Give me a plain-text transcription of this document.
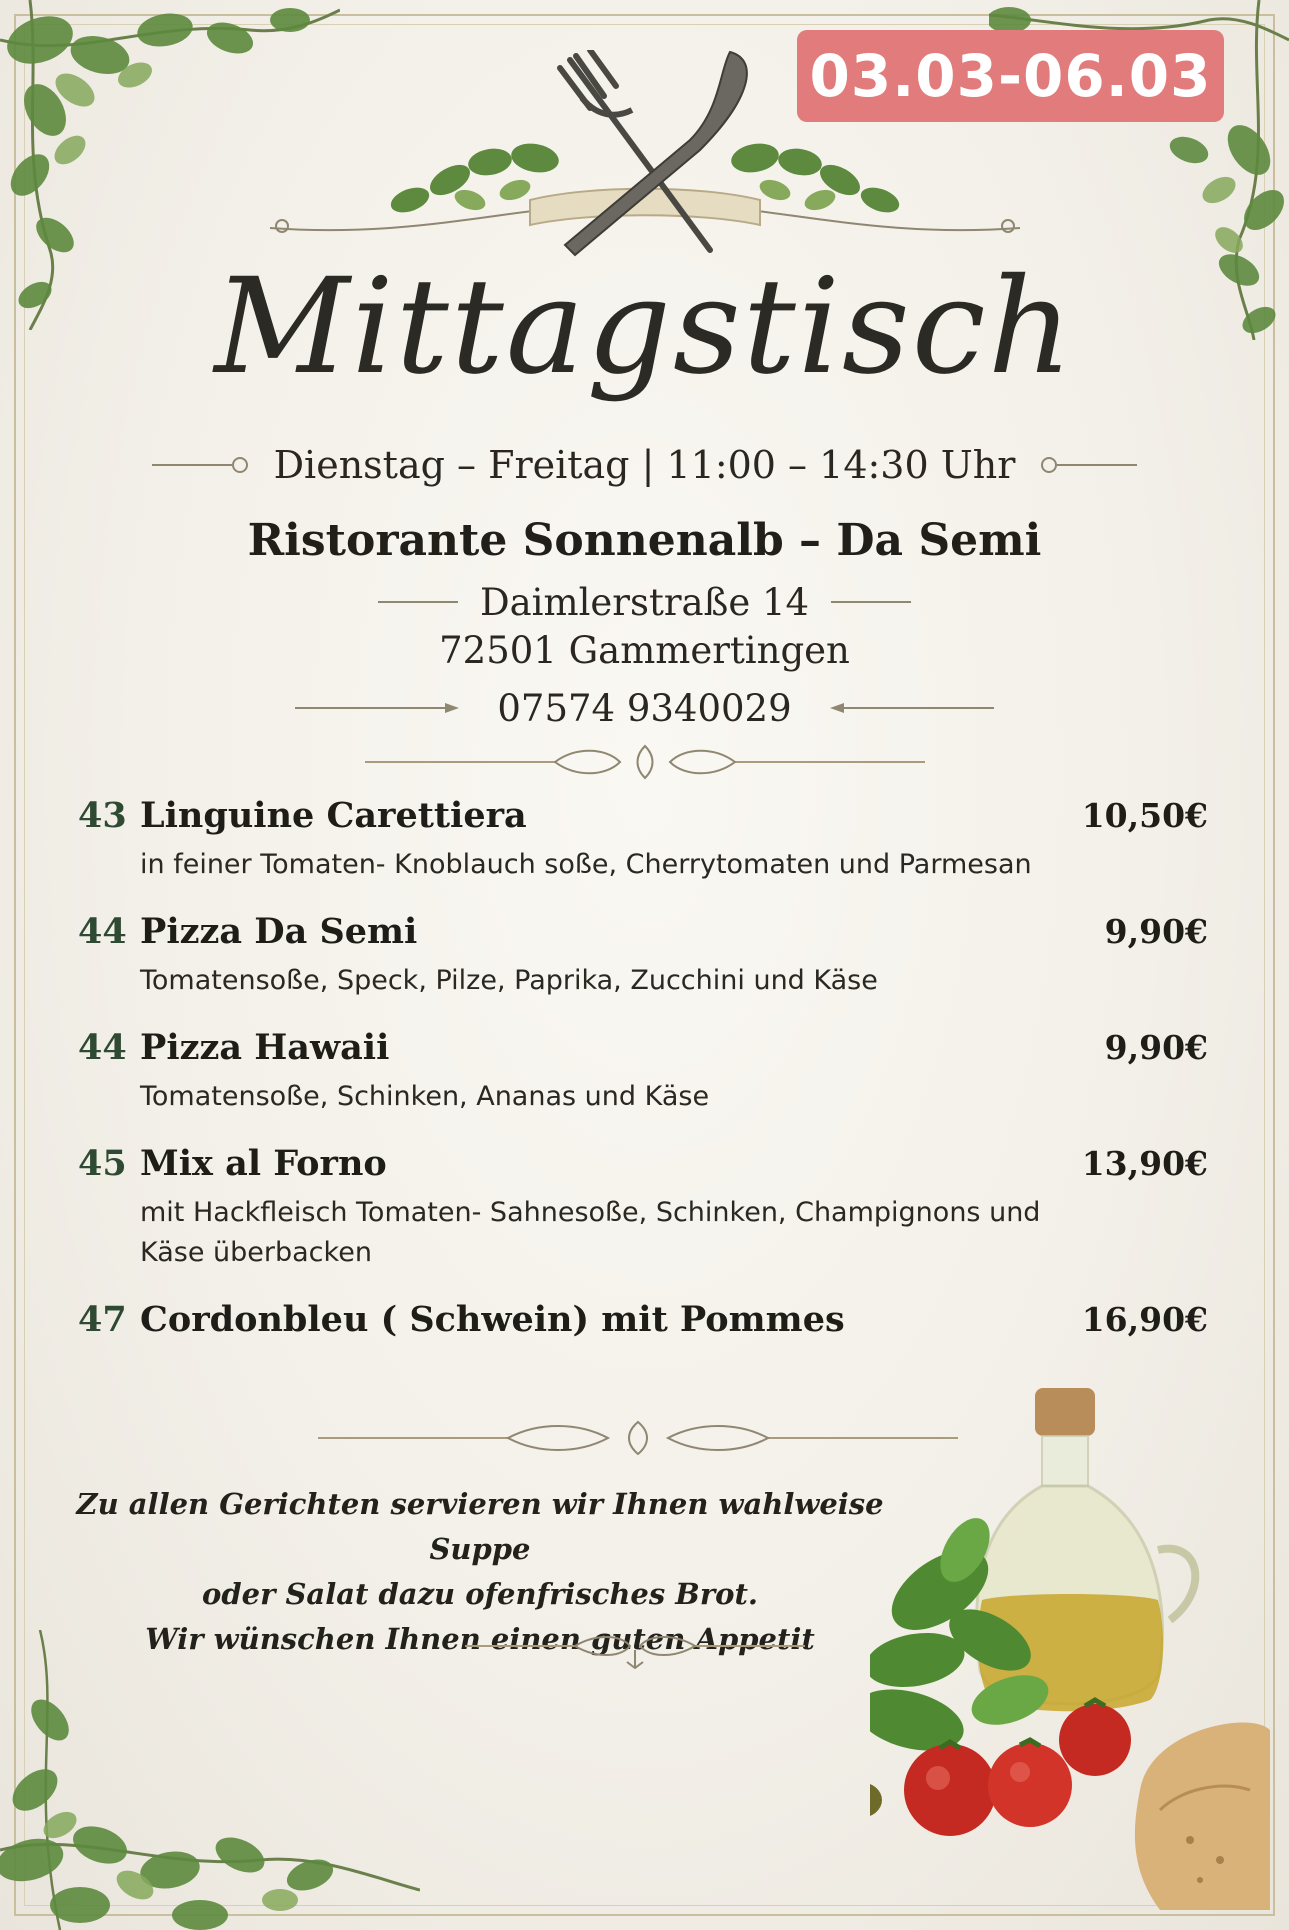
03.03-06.03
Mittagstisch
Dienstag – Freitag | 11:00 – 14:30 Uhr
Ristorante Sonnenalb – Da Semi
Daimlerstraße 14
72501 Gammertingen
07574 9340029
43 Linguine Carettiera	10,50€
in feiner Tomaten- Knoblauch soße, Cherrytomaten und Parmesan
44 Pizza Da Semi	9,90€
Tomatensoße, Speck, Pilze, Paprika, Zucchini und Käse
44 Pizza Hawaii	9,90€
Tomatensoße, Schinken, Ananas und Käse
45 Mix al Forno	13,90€
mit Hackfleisch Tomaten- Sahnesoße, Schinken, Champignons und Käse überbacken
47 Cordonbleu ( Schwein) mit Pommes	16,90€
Zu allen Gerichten servieren wir Ihnen wahlweise Suppe
oder Salat dazu ofenfrisches Brot.
Wir wünschen Ihnen einen guten Appetit
